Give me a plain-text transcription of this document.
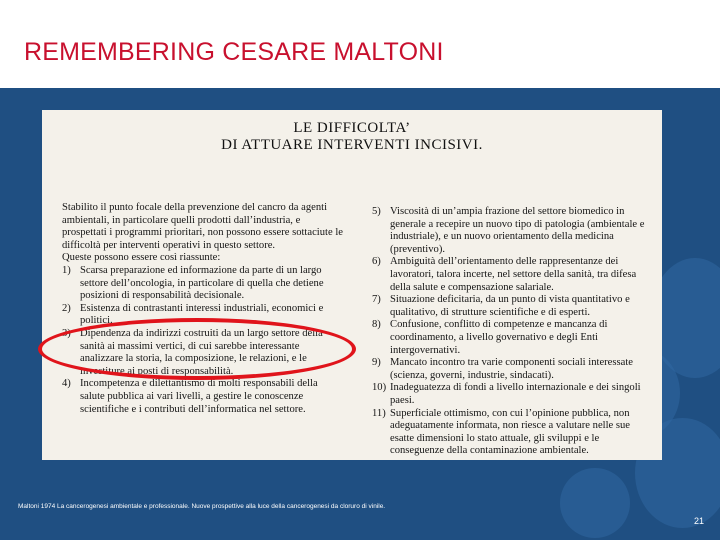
REMEMBERING CESARE MALTONI
LE DIFFICOLTA’
DI ATTUARE INTERVENTI INCISIVI.

Stabilito il punto focale della prevenzione del cancro da agenti ambientali, in particolare quelli prodotti dall’industria, e prospettati i programmi prioritari, non possono essere sottaciute le difficoltà per interventi operativi in questo settore.

Queste possono essere così riassunte:

1) Scarsa preparazione ed informazione da parte di un largo settore dell’oncologia, in particolare di quella che detiene posizioni di responsabilità decisionale.
2) Esistenza di contrastanti interessi industriali, economici e politici.
3) Dipendenza da indirizzi costruiti da un largo settore della sanità ai massimi vertici, di cui sarebbe interessante analizzare la storia, la composizione, le relazioni, e le investiture ai posti di responsabilità.
4) Incompetenza e dilettantismo di molti responsabili della salute pubblica ai vari livelli, a gestire le conoscenze scientifiche e i contributi dell’informatica nel settore.
5) Viscosità di un’ampia frazione del settore biomedico in generale a recepire un nuovo tipo di patologia (ambientale e industriale), e un nuovo orientamento della medicina (preventivo).
6) Ambiguità dell’orientamento delle rappresentanze dei lavoratori, talora incerte, nel settore della sanità, tra difesa della salute e compensazione salariale.
7) Situazione deficitaria, da un punto di vista quantitativo e qualitativo, di strutture scientifiche e di esperti.
8) Confusione, conflitto di competenze e mancanza di coordinamento, a livello governativo e degli Enti intergovernativi.
9) Mancato incontro tra varie componenti sociali interessate (scienza, governi, industrie, sindacati).
10) Inadeguatezza di fondi a livello internazionale e dei singoli paesi.
11) Superficiale ottimismo, con cui l’opinione pubblica, non adeguatamente informata, non riesce a valutare nelle sue esatte dimensioni lo stato attuale, gli sviluppi e le conseguenze della contaminazione ambientale.
Maltoni 1974 La cancerogenesi ambientale e professionale. Nuove prospettive alla luce della cancerogenesi da cloruro di vinile.
21
